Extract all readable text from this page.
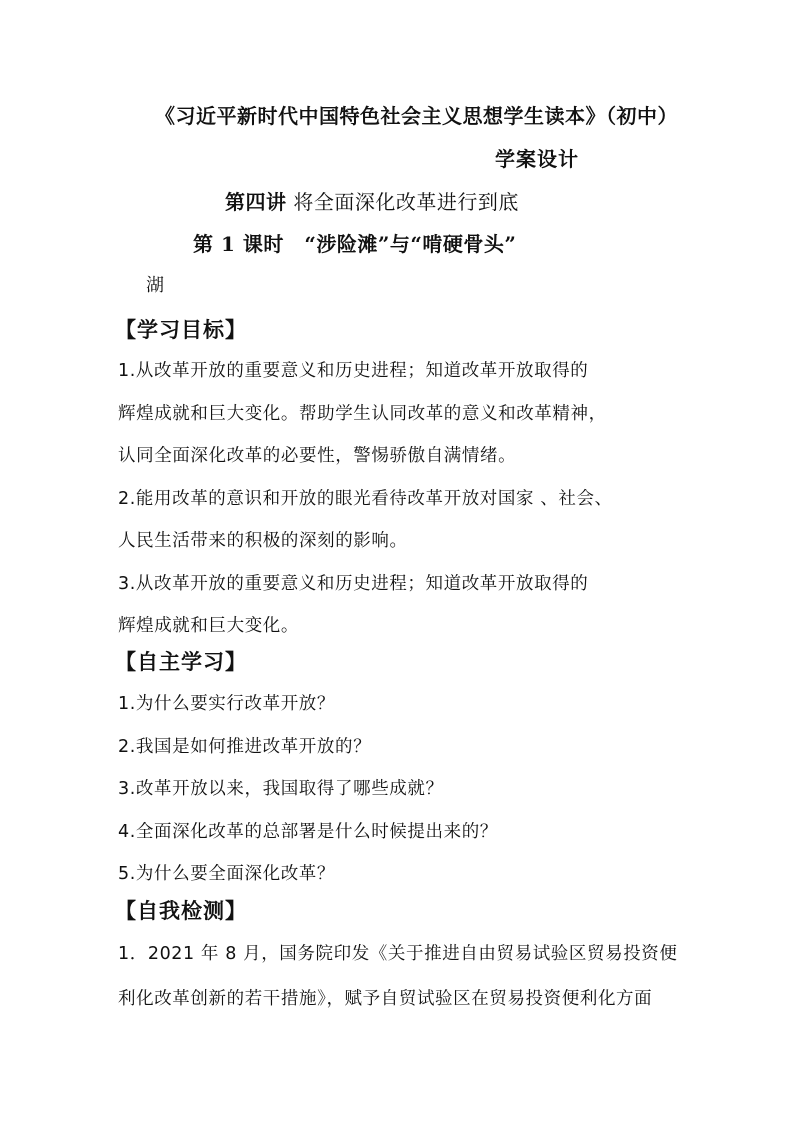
《习近平新时代中国特色社会主义思想学生读本》（初中）
学案设计
第四讲 将全面深化改革进行到底
第 1 课时　“涉险滩”与“啃硬骨头”
湖
【学习目标】
1.从改革开放的重要意义和历史进程；知道改革开放取得的
辉煌成就和巨大变化。帮助学生认同改革的意义和改革精神，
认同全面深化改革的必要性，警惕骄傲自满情绪。
2.能用改革的意识和开放的眼光看待改革开放对国家 、社会、
人民生活带来的积极的深刻的影响。
3.从改革开放的重要意义和历史进程；知道改革开放取得的
辉煌成就和巨大变化。
【自主学习】
1.为什么要实行改革开放？
2.我国是如何推进改革开放的？
3.改革开放以来，我国取得了哪些成就？
4.全面深化改革的总部署是什么时候提出来的？
5.为什么要全面深化改革？
【自我检测】
1．2021 年 8 月，国务院印发《关于推进自由贸易试验区贸易投资便
利化改革创新的若干措施》，赋予自贸试验区在贸易投资便利化方面
